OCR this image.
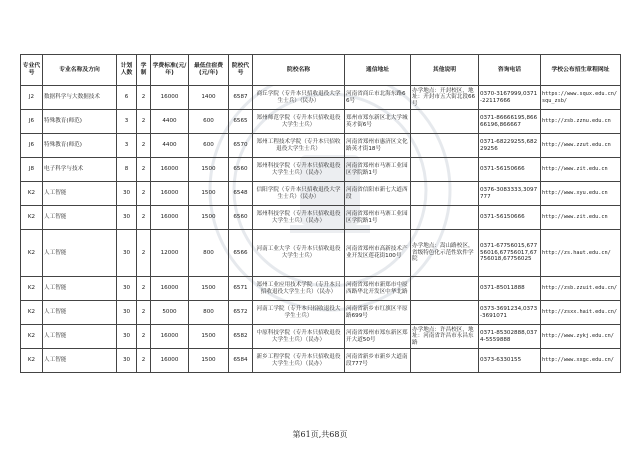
专业代号	专业名称及方向	计划人数	学制	学费标准(元/年)	最低住宿费(元/年)	院校代号	院校名称	通信地址	其他说明	咨询电话	学校公布招生章程网址
J2	数据科学与大数据技术	6	2	16000	1400	6587	商丘学院（专升本只招收退役大学生士兵）（民办）	河南省商丘市北海东路66号	办学地点：开封校区，地址：开封市五大街北段66号	0370-3167999,0371-22117666	https://www.squx.edu.cn/squ_zsb/
J6	特殊教育(师范)	3	2	4400	600	6565	郑州师范学院（专升本只招收退役大学生士兵）	郑州市郑东新区北大学城英才街6号		0371-86666195,86666196,866667	http://zsb.zznu.edu.cn
J6	特殊教育(师范)	3	2	4400	600	6570	郑州工程技术学院（专升本只招收退役大学生士兵）	河南省郑州市惠济区文化路英才街18号		0371-68229255,68229256	http://www.zzut.edu.cn
J8	电子科学与技术	8	2	16000	1500	6560	郑州科技学院（专升本只招收退役大学生士兵）（民办）	河南省郑州市马寨工业园区学院路1号		0371-56150666	http://www.zit.edu.cn
K2	人工智能	30	2	16000	1500	6548	信阳学院（专升本只招收退役大学生士兵）（民办）	河南省信阳市新七大道西段		0376-3083333,3097777	http://www.xyu.edu.cn
K2	人工智能	30	2	16000	1500	6560	郑州科技学院（专升本只招收退役大学生士兵）（民办）	河南省郑州市马寨工业园区学院路1号		0371-56150666	http://www.zit.edu.cn
K2	人工智能	30	2	12000	800	6566	河南工业大学（专升本只招收退役大学生士兵）	河南省郑州市高新技术产业开发区莲花街100号	办学地点：嵩山路校区，省级特色化示范性软件学院	0371-67756015,67756016,67756017,67756018,67756025	http://zs.haut.edu.cn/
K2	人工智能	30	2	16000	1500	6571	郑州工业应用技术学院（专升本只招收退役大学生士兵）（民办）	河南省郑州市新郑市中原西路华北开发区中华北路		0371-85011888	http://zsb.zzuit.edu.cn/
K2	人工智能	30	2	5000	800	6572	河南工学院（专升本只招收退役大学生士兵）	河南省新乡市红旗区平原路699号		0373-3691234,0373-3691071	http://zsxx.hait.edu.cn/
K2	人工智能	30	2	16000	1500	6582	中原科技学院（专升本只招收退役大学生士兵）（民办）	河南省郑州市郑东新区郑开大道50号	办学地点：许昌校区，地址：河南省许昌市永昌东路	0371-85302888,0374-5559888	http://www.zykj.edu.cn/
K2	人工智能	30	2	16000	1500	6584	新乡工程学院（专升本只招收退役大学生士兵）（民办）	河南省新乡市新乡大道南段777号		0373-6330155	http://www.xxgc.edu.cn/
第61页,共68页
